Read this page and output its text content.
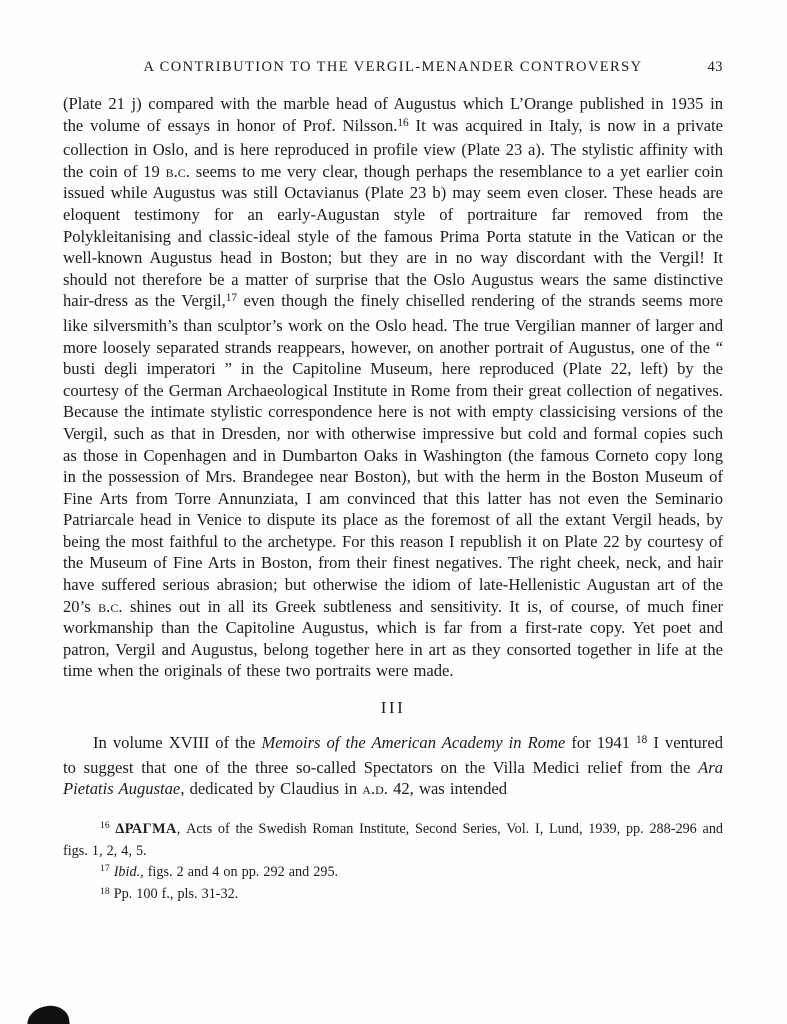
A CONTRIBUTION TO THE VERGIL-MENANDER CONTROVERSY	43

(Plate 21 j) compared with the marble head of Augustus which L’Orange published in 1935 in the volume of essays in honor of Prof. Nilsson.$^{16}$ It was acquired in Italy, is now in a private collection in Oslo, and is here reproduced in profile view (Plate 23 a). The stylistic affinity with the coin of 19 b.c. seems to me very clear, though perhaps the resemblance to a yet earlier coin issued while Augustus was still Octavianus (Plate 23 b) may seem even closer. These heads are eloquent testimony for an early-Augustan style of portraiture far removed from the Polykleitanising and classic-ideal style of the famous Prima Porta statute in the Vatican or the well-known Augustus head in Boston; but they are in no way discordant with the Vergil! It should not therefore be a matter of surprise that the Oslo Augustus wears the same distinctive hair-dress as the Vergil,$^{17}$ even though the finely chiselled rendering of the strands seems more like silversmith’s than sculptor’s work on the Oslo head. The true Vergilian manner of larger and more loosely separated strands reappears, however, on another portrait of Augustus, one of the “ busti degli imperatori ” in the Capitoline Museum, here reproduced (Plate 22, left) by the courtesy of the German Archaeological Institute in Rome from their great collection of negatives. Because the intimate stylistic correspondence here is not with empty classicising versions of the Vergil, such as that in Dresden, nor with otherwise impressive but cold and formal copies such as those in Copenhagen and in Dumbarton Oaks in Washington (the famous Corneto copy long in the possession of Mrs. Brandegee near Boston), but with the herm in the Boston Museum of Fine Arts from Torre Annunziata, I am convinced that this latter has not even the Seminario Patriarcale head in Venice to dispute its place as the foremost of all the extant Vergil heads, by being the most faithful to the archetype. For this reason I republish it on Plate 22 by courtesy of the Museum of Fine Arts in Boston, from their finest negatives. The right cheek, neck, and hair have suffered serious abrasion; but otherwise the idiom of late-Hellenistic Augustan art of the 20’s b.c. shines out in all its Greek subtleness and sensitivity. It is, of course, of much finer workmanship than the Capitoline Augustus, which is far from a first-rate copy. Yet poet and patron, Vergil and Augustus, belong together here in art as they consorted together in life at the time when the originals of these two portraits were made.

III

In volume XVIII of the Memoirs of the American Academy in Rome for 1941 $^{18}$ I ventured to suggest that one of the three so-called Spectators on the Villa Medici relief from the Ara Pietatis Augustae, dedicated by Claudius in a.d. 42, was intended

$^{16}$ ΔΡΑΓΜΑ, Acts of the Swedish Roman Institute, Second Series, Vol. I, Lund, 1939, pp. 288-296 and figs. 1, 2, 4, 5.

$^{17}$ Ibid., figs. 2 and 4 on pp. 292 and 295.

$^{18}$ Pp. 100 f., pls. 31-32.
